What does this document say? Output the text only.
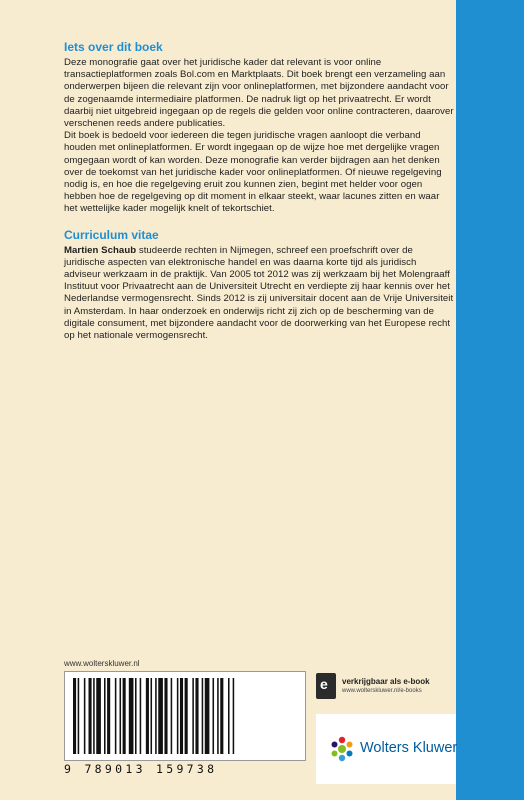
Iets over dit boek

Deze monografie gaat over het juridische kader dat relevant is voor online transactieplatformen zoals Bol.com en Marktplaats. Dit boek brengt een verzameling aan onderwerpen bijeen die relevant zijn voor onlineplatformen, met bijzondere aandacht voor de zogenaamde intermediaire platformen. De nadruk ligt op het privaatrecht. Er wordt daarbij niet uitgebreid ingegaan op de regels die gelden voor online contracteren, daarover verschenen reeds andere publicaties.

Dit boek is bedoeld voor iedereen die tegen juridische vragen aanloopt die verband houden met onlineplatformen. Er wordt ingegaan op de wijze hoe met dergelijke vragen omgegaan wordt of kan worden. Deze monografie kan verder bijdragen aan het denken over de toekomst van het juridische kader voor onlineplatformen. Of nieuwe regelgeving nodig is, en hoe die regelgeving eruit zou kunnen zien, begint met helder voor ogen hebben hoe de regelgeving op dit moment in elkaar steekt, waar lacunes zitten en waar het wettelijke kader mogelijk knelt of tekortschiet.

Curriculum vitae

Martien Schaub studeerde rechten in Nijmegen, schreef een proefschrift over de juridische aspecten van elektronische handel en was daarna korte tijd als juridisch adviseur werkzaam in de praktijk. Van 2005 tot 2012 was zij werkzaam bij het Molengraaff Instituut voor Privaatrecht aan de Universiteit Utrecht en verdiepte zij haar kennis over het Nederlandse vermogensrecht. Sinds 2012 is zij universitair docent aan de Vrije Universiteit in Amsterdam. In haar onderzoek en onderwijs richt zij zich op de bescherming van de digitale consument, met bijzondere aandacht voor de doorwerking van het Europese recht op het nationale vermogensrecht.

www.wolterskluwer.nl
9 789013 159738
e verkrijgbaar als e-book
www.wolterskluwer.nl/e-books
Wolters Kluwer
